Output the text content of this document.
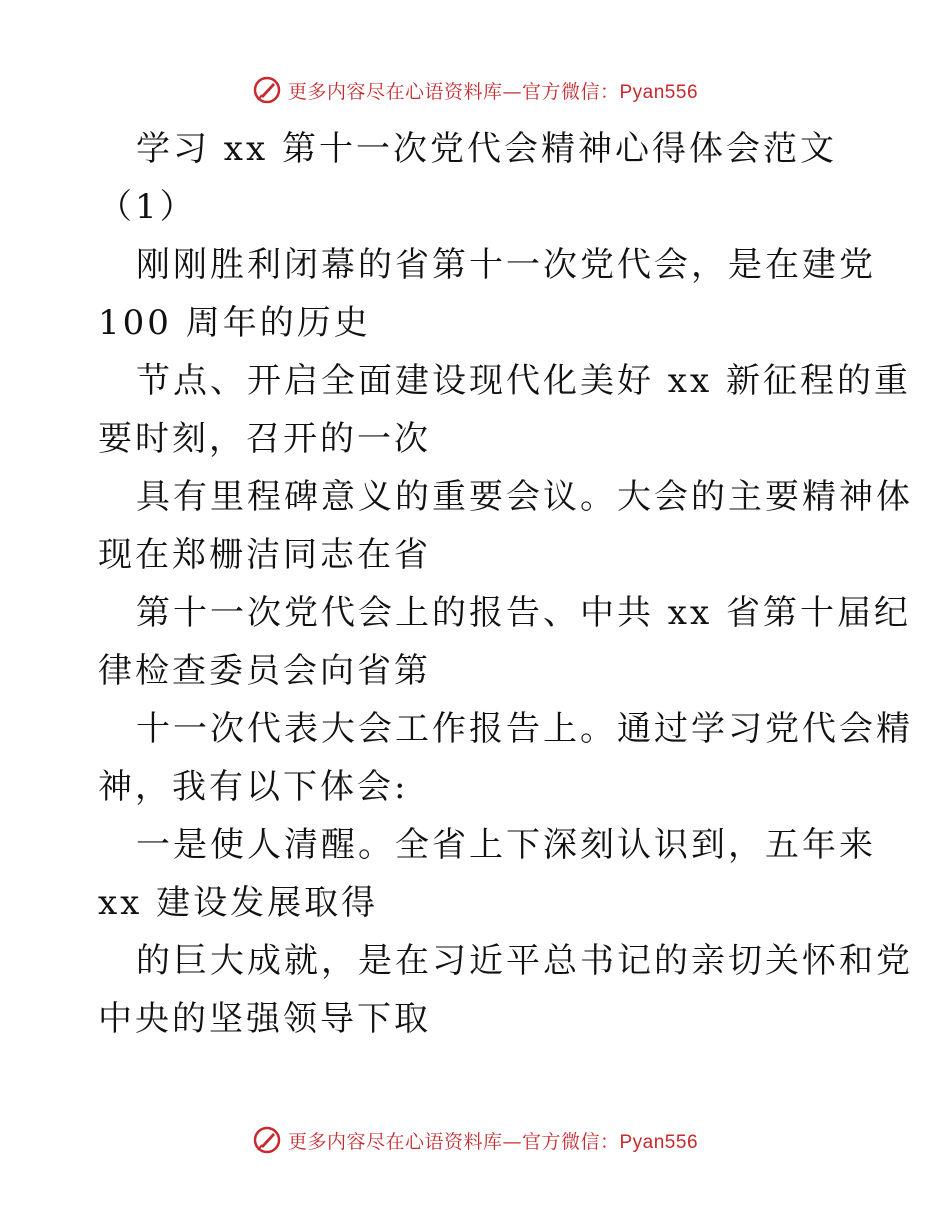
更多内容尽在心语资料库—官方微信：Pyan556
学习 xx 第十一次党代会精神心得体会范文
（1）
刚刚胜利闭幕的省第十一次党代会，是在建党
100 周年的历史
节点、开启全面建设现代化美好 xx 新征程的重
要时刻，召开的一次
具有里程碑意义的重要会议。大会的主要精神体
现在郑栅洁同志在省
第十一次党代会上的报告、中共 xx 省第十届纪
律检查委员会向省第
十一次代表大会工作报告上。通过学习党代会精
神，我有以下体会:
一是使人清醒。全省上下深刻认识到，五年来
xx 建设发展取得
的巨大成就，是在习近平总书记的亲切关怀和党
中央的坚强领导下取
更多内容尽在心语资料库—官方微信：Pyan556
